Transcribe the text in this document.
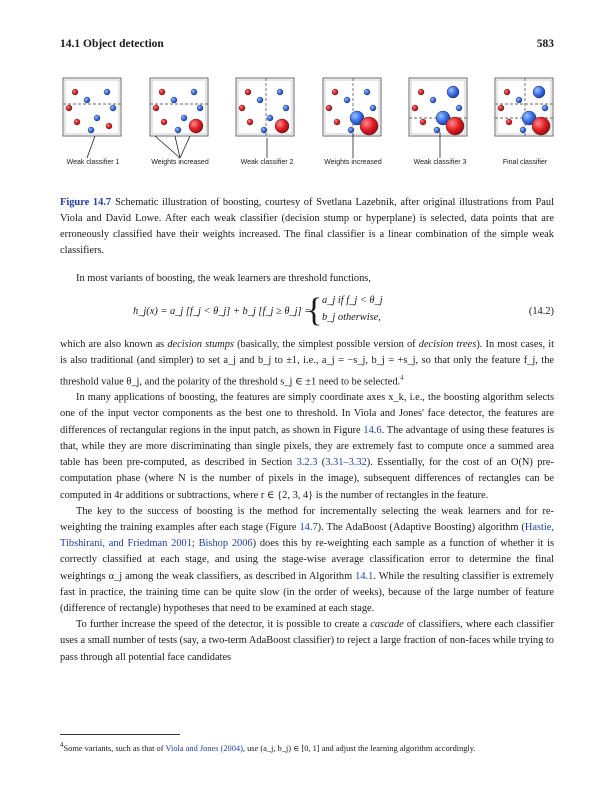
14.1 Object detection	583
Weak classifier 1	Weights increased	Weak classifier 2	Weights increased	Weak classifier 3	Final classifier
Figure 14.7 Schematic illustration of boosting, courtesy of Svetlana Lazebnik, after original illustrations from Paul Viola and David Lowe. After each weak classifier (decision stump or hyperplane) is selected, data points that are erroneously classified have their weights increased. The final classifier is a linear combination of the simple weak classifiers.

In most variants of boosting, the weak learners are threshold functions,

h_j(x) = a_j [f_j < θ_j] + b_j [f_j ≥ θ_j] =
{ a_j if f_j < θ_j
b_j otherwise,
(14.2)

which are also known as decision stumps (basically, the simplest possible version of decision trees). In most cases, it is also traditional (and simpler) to set a_j and b_j to ±1, i.e., a_j = −s_j, b_j = +s_j, so that only the feature f_j, the threshold value θ_j, and the polarity of the threshold s_j ∈ ±1 need to be selected.$^4$

In many applications of boosting, the features are simply coordinate axes x_k, i.e., the boosting algorithm selects one of the input vector components as the best one to threshold. In Viola and Jones' face detector, the features are differences of rectangular regions in the input patch, as shown in Figure 14.6. The advantage of using these features is that, while they are more discriminating than single pixels, they are extremely fast to compute once a summed area table has been pre-computed, as described in Section 3.2.3 (3.31–3.32). Essentially, for the cost of an O(N) pre-computation phase (where N is the number of pixels in the image), subsequent differences of rectangles can be computed in 4r additions or subtractions, where r ∈ {2, 3, 4} is the number of rectangles in the feature.

The key to the success of boosting is the method for incrementally selecting the weak learners and for re-weighting the training examples after each stage (Figure 14.7). The AdaBoost (Adaptive Boosting) algorithm (Hastie, Tibshirani, and Friedman 2001; Bishop 2006) does this by re-weighting each sample as a function of whether it is correctly classified at each stage, and using the stage-wise average classification error to determine the final weightings α_j among the weak classifiers, as described in Algorithm 14.1. While the resulting classifier is extremely fast in practice, the training time can be quite slow (in the order of weeks), because of the large number of feature (difference of rectangle) hypotheses that need to be examined at each stage.

To further increase the speed of the detector, it is possible to create a cascade of classifiers, where each classifier uses a small number of tests (say, a two-term AdaBoost classifier) to reject a large fraction of non-faces while trying to pass through all potential face candidates

$^4$Some variants, such as that of Viola and Jones (2004), use (a_j, b_j) ∈ [0, 1] and adjust the learning algorithm accordingly.
